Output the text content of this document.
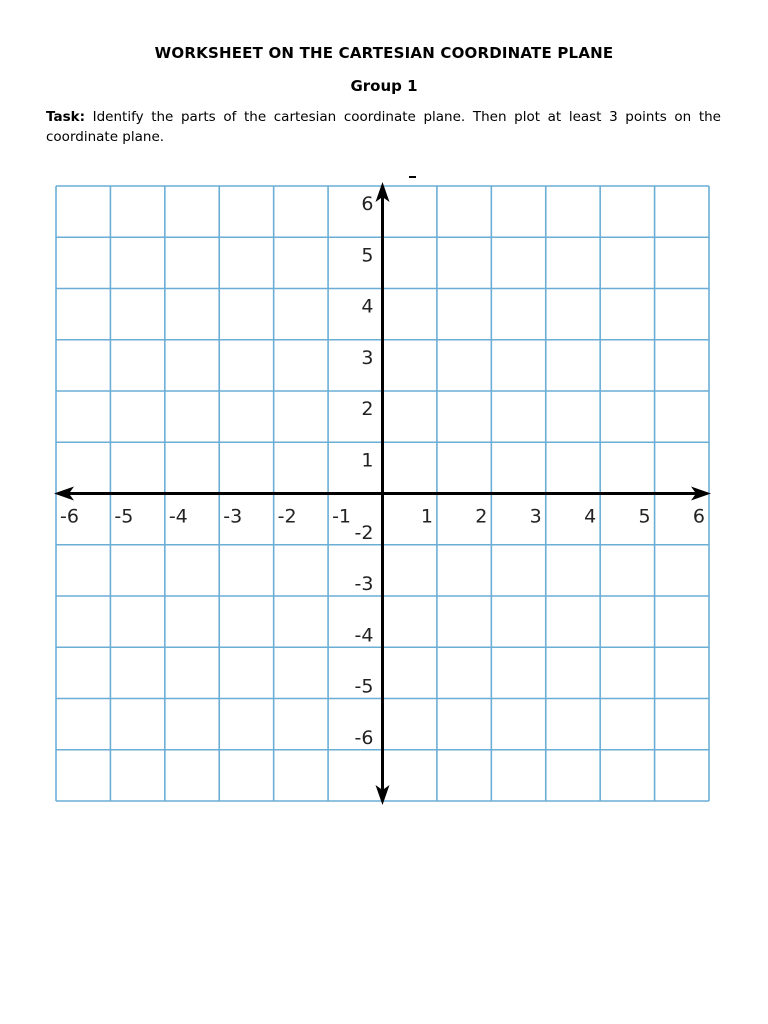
WORKSHEET ON THE CARTESIAN COORDINATE PLANE
Group 1
Task: Identify the parts of the cartesian coordinate plane. Then plot at least 3 points on the coordinate plane.
-6 -5 -4 -3 -2 -1	1 2 3 4 5 6
6
5
4
3
2
1
-2
-3
-4
-5
-6
